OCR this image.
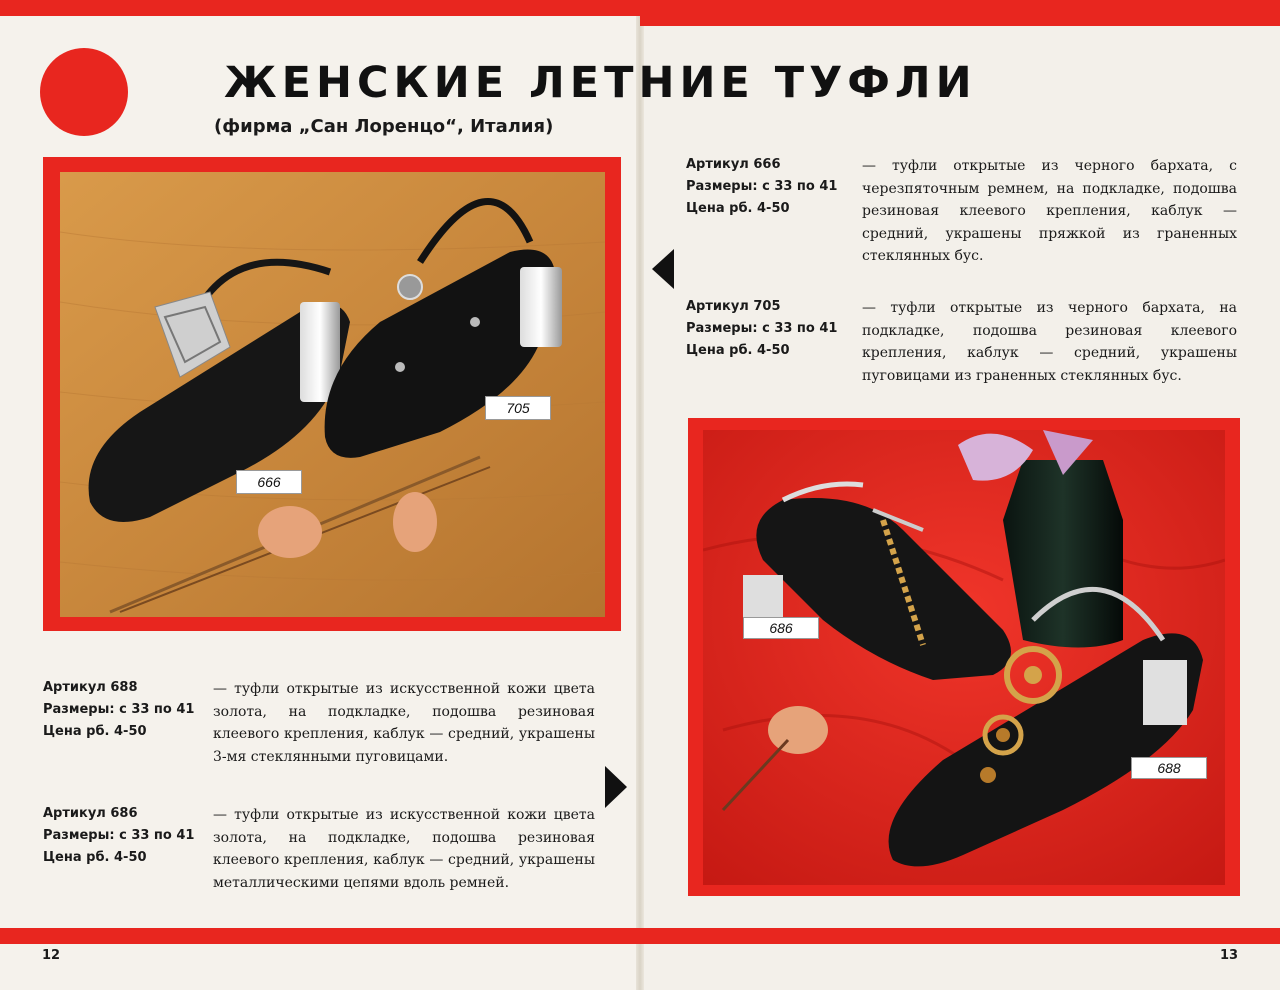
ЖЕНСКИЕ ЛЕТНИЕ ТУФЛИ
(фирма „Сан Лоренцо“, Италия)
705
666
686
688
Артикул 666
Размеры: с 33 по 41
Цена рб. 4-50
— туфли открытые из черного бархата, с черезпяточным ремнем, на подкладке, подошва резиновая клеевого крепления, каблук — средний, украшены пряжкой из граненных стеклянных бус.
Артикул 705
Размеры: с 33 по 41
Цена рб. 4-50
— туфли открытые из черного бархата, на подкладке, подошва резиновая клеевого крепления, каблук — средний, украшены пуговицами из граненных стеклянных бус.
Артикул 688
Размеры: с 33 по 41
Цена рб. 4-50
— туфли открытые из искусственной кожи цвета золота, на подкладке, подошва резиновая клеевого крепления, каблук — средний, украшены 3-мя стеклянными пуговицами.
Артикул 686
Размеры: с 33 по 41
Цена рб. 4-50
— туфли открытые из искусственной кожи цвета золота, на подкладке, подошва резиновая клеевого крепления, каблук — средний, украшены металлическими цепями вдоль ремней.
12	13
